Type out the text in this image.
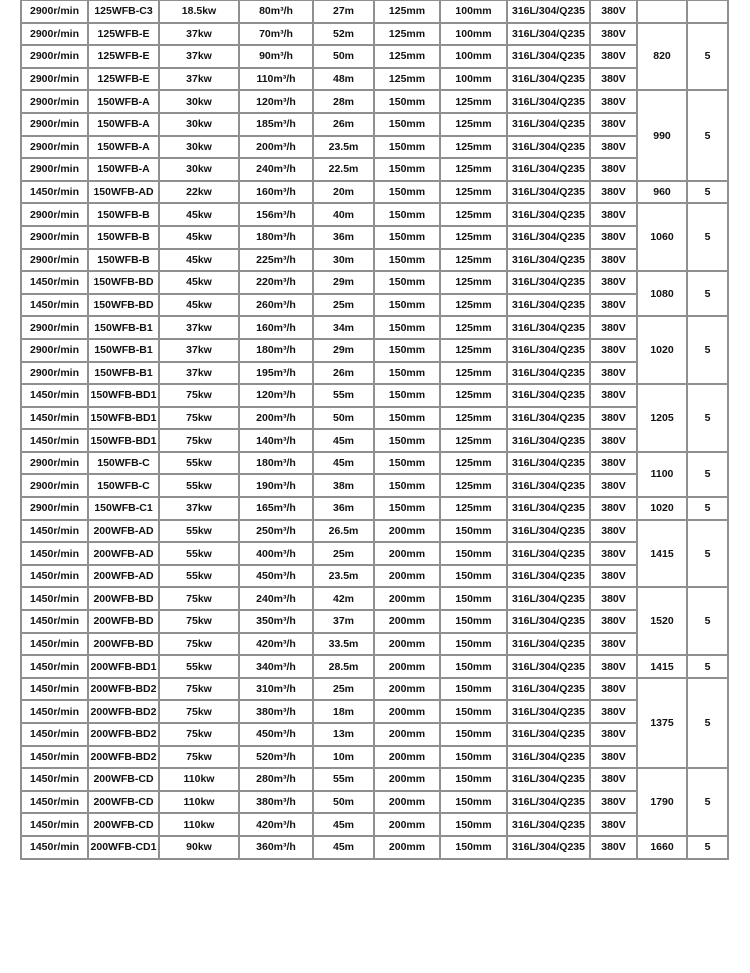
2900r/min	125WFB-C3	18.5kw	80m³/h	27m	125mm	100mm	316L/304/Q235	380V		
2900r/min	125WFB-E	37kw	70m³/h	52m	125mm	100mm	316L/304/Q235	380V	820	5
2900r/min	125WFB-E	37kw	90m³/h	50m	125mm	100mm	316L/304/Q235	380V		
2900r/min	125WFB-E	37kw	110m³/h	48m	125mm	100mm	316L/304/Q235	380V		
2900r/min	150WFB-A	30kw	120m³/h	28m	150mm	125mm	316L/304/Q235	380V	990	5
2900r/min	150WFB-A	30kw	185m³/h	26m	150mm	125mm	316L/304/Q235	380V		
2900r/min	150WFB-A	30kw	200m³/h	23.5m	150mm	125mm	316L/304/Q235	380V		
2900r/min	150WFB-A	30kw	240m³/h	22.5m	150mm	125mm	316L/304/Q235	380V		
1450r/min	150WFB-AD	22kw	160m³/h	20m	150mm	125mm	316L/304/Q235	380V	960	5
2900r/min	150WFB-B	45kw	156m³/h	40m	150mm	125mm	316L/304/Q235	380V	1060	5
2900r/min	150WFB-B	45kw	180m³/h	36m	150mm	125mm	316L/304/Q235	380V		
2900r/min	150WFB-B	45kw	225m³/h	30m	150mm	125mm	316L/304/Q235	380V		
1450r/min	150WFB-BD	45kw	220m³/h	29m	150mm	125mm	316L/304/Q235	380V	1080	5
1450r/min	150WFB-BD	45kw	260m³/h	25m	150mm	125mm	316L/304/Q235	380V		
2900r/min	150WFB-B1	37kw	160m³/h	34m	150mm	125mm	316L/304/Q235	380V	1020	5
2900r/min	150WFB-B1	37kw	180m³/h	29m	150mm	125mm	316L/304/Q235	380V		
2900r/min	150WFB-B1	37kw	195m³/h	26m	150mm	125mm	316L/304/Q235	380V		
1450r/min	150WFB-BD1	75kw	120m³/h	55m	150mm	125mm	316L/304/Q235	380V	1205	5
1450r/min	150WFB-BD1	75kw	200m³/h	50m	150mm	125mm	316L/304/Q235	380V		
1450r/min	150WFB-BD1	75kw	140m³/h	45m	150mm	125mm	316L/304/Q235	380V		
2900r/min	150WFB-C	55kw	180m³/h	45m	150mm	125mm	316L/304/Q235	380V	1100	5
2900r/min	150WFB-C	55kw	190m³/h	38m	150mm	125mm	316L/304/Q235	380V		
2900r/min	150WFB-C1	37kw	165m³/h	36m	150mm	125mm	316L/304/Q235	380V	1020	5
1450r/min	200WFB-AD	55kw	250m³/h	26.5m	200mm	150mm	316L/304/Q235	380V	1415	5
1450r/min	200WFB-AD	55kw	400m³/h	25m	200mm	150mm	316L/304/Q235	380V		
1450r/min	200WFB-AD	55kw	450m³/h	23.5m	200mm	150mm	316L/304/Q235	380V		
1450r/min	200WFB-BD	75kw	240m³/h	42m	200mm	150mm	316L/304/Q235	380V	1520	5
1450r/min	200WFB-BD	75kw	350m³/h	37m	200mm	150mm	316L/304/Q235	380V		
1450r/min	200WFB-BD	75kw	420m³/h	33.5m	200mm	150mm	316L/304/Q235	380V		
1450r/min	200WFB-BD1	55kw	340m³/h	28.5m	200mm	150mm	316L/304/Q235	380V	1415	5
1450r/min	200WFB-BD2	75kw	310m³/h	25m	200mm	150mm	316L/304/Q235	380V	1375	5
1450r/min	200WFB-BD2	75kw	380m³/h	18m	200mm	150mm	316L/304/Q235	380V		
1450r/min	200WFB-BD2	75kw	450m³/h	13m	200mm	150mm	316L/304/Q235	380V		
1450r/min	200WFB-BD2	75kw	520m³/h	10m	200mm	150mm	316L/304/Q235	380V		
1450r/min	200WFB-CD	110kw	280m³/h	55m	200mm	150mm	316L/304/Q235	380V	1790	5
1450r/min	200WFB-CD	110kw	380m³/h	50m	200mm	150mm	316L/304/Q235	380V		
1450r/min	200WFB-CD	110kw	420m³/h	45m	200mm	150mm	316L/304/Q235	380V		
1450r/min	200WFB-CD1	90kw	360m³/h	45m	200mm	150mm	316L/304/Q235	380V	1660	5
